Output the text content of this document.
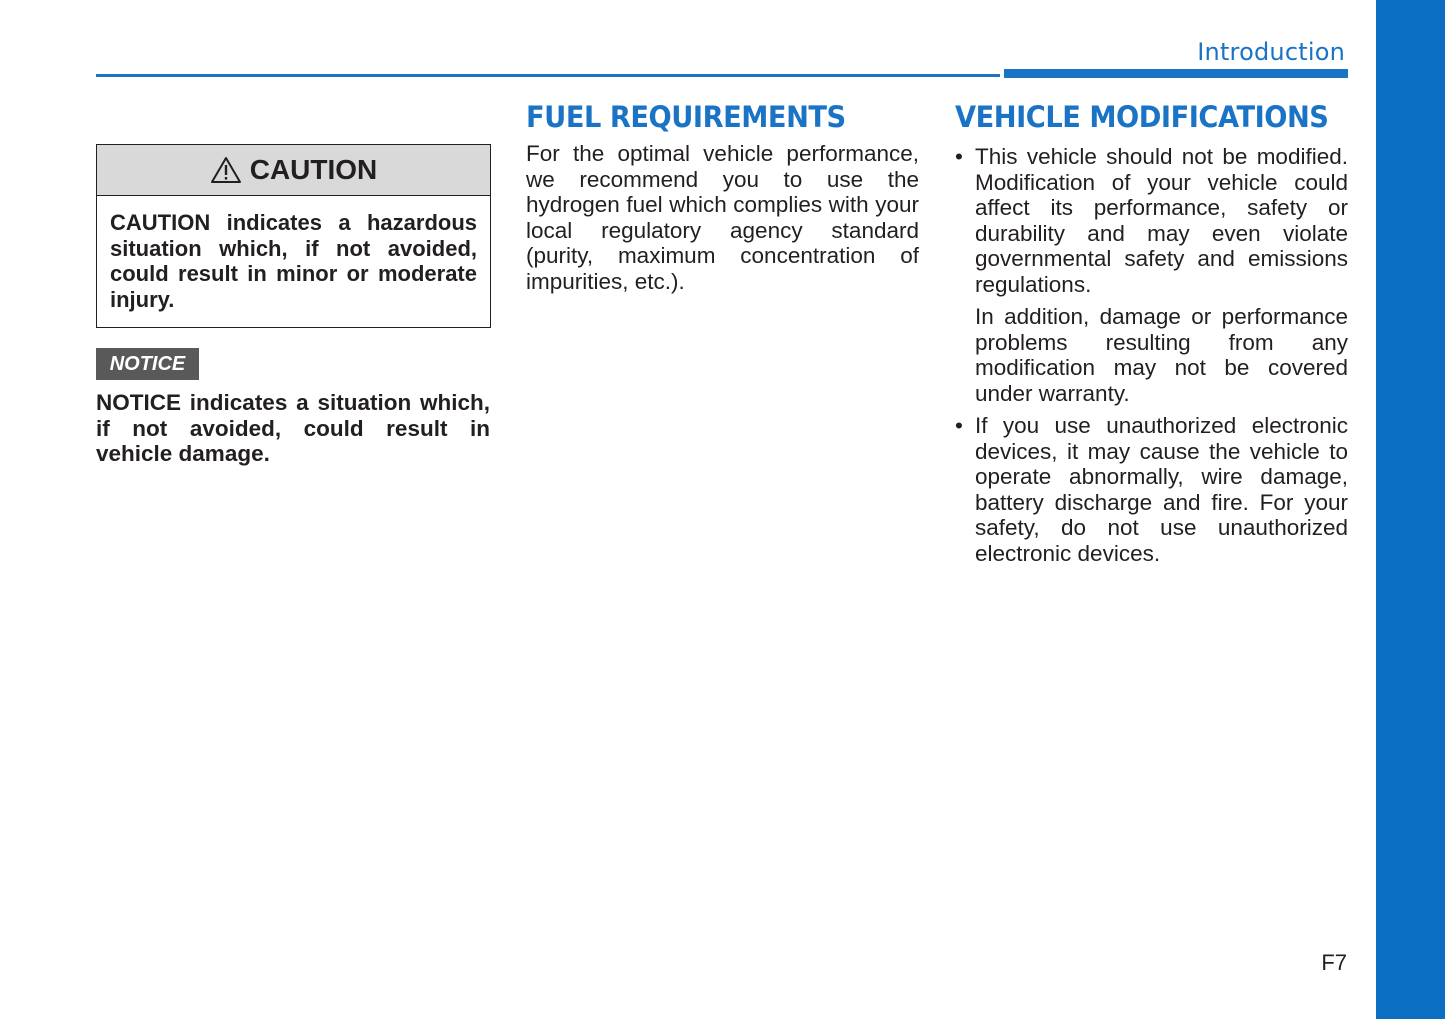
Introduction
CAUTION
CAUTION indicates a hazardous situation which, if not avoided, could result in minor or moderate injury.
NOTICE
NOTICE indicates a situation which, if not avoided, could result in vehicle damage.
FUEL REQUIREMENTS
For the optimal vehicle performance, we recommend you to use the hydrogen fuel which complies with your local regulatory agency standard (purity, maximum concentration of impurities, etc.).
VEHICLE MODIFICATIONS
• This vehicle should not be modified. Modification of your vehicle could affect its performance, safety or durability and may even violate governmental safety and emissions regulations.

In addition, damage or performance problems resulting from any modification may not be covered under warranty.

• If you use unauthorized electronic devices, it may cause the vehicle to operate abnormally, wire damage, battery discharge and fire. For your safety, do not use unauthorized electronic devices.

F7
